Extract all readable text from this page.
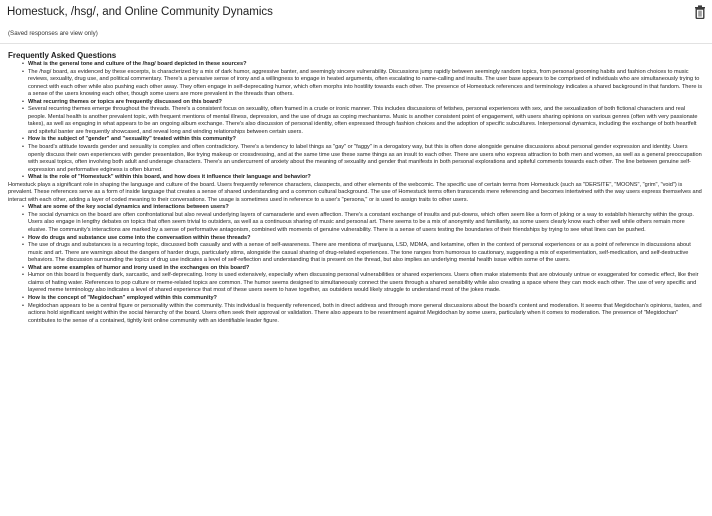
Homestuck, /hsg/, and Online Community Dynamics
(Saved responses are view only)
Frequently Asked Questions
• What is the general tone and culture of the /hsg/ board depicted in these sources?
• The /hsg/ board, as evidenced by these excerpts, is characterized by a mix of dark humor, aggressive banter, and seemingly sincere vulnerability. Discussions jump rapidly between seemingly random topics, from personal grooming habits and fashion choices to music reviews, sexuality, drug use, and political commentary. There's a pervasive sense of irony and a willingness to engage in heated arguments, often escalating to name-calling and insults. The user base appears to be comprised of individuals who are simultaneously trying to connect with each other while also pushing each other away. They often engage in self-deprecating humor, which often morphs into hostility towards each other. The presence of Homestuck references and terminology indicates a shared background in that fandom. There is a sense of the users knowing each other, though some users are more prevalent in the threads than others.
• What recurring themes or topics are frequently discussed on this board?
• Several recurring themes emerge throughout the threads. There's a consistent focus on sexuality, often framed in a crude or ironic manner. This includes discussions of fetishes, personal experiences with sex, and the sexualization of both fictional characters and real people. Mental health is another prevalent topic, with frequent mentions of mental illness, depression, and the use of drugs as coping mechanisms. Music is another consistent point of engagement, with users sharing opinions on various genres (often with very passionate takes), as well as engaging in what appears to be an ongoing album exchange. There's also discussion of personal identity, often expressed through fashion choices and the adoption of specific subcultures. Interpersonal dynamics, including the exchange of both heartfelt and spiteful banter are frequently showcased, and reveal long and winding relationships between certain users.
• How is the subject of "gender" and "sexuality" treated within this community?
• The board's attitude towards gender and sexuality is complex and often contradictory. There's a tendency to label things as "gay" or "faggy" in a derogatory way, but this is often done alongside genuine discussions about personal gender expression and identity. Users openly discuss their own experiences with gender presentation, like trying makeup or crossdressing, and at the same time use these same things as an insult to each other. There are users who express attraction to both men and women, as well as a general preoccupation with sexual topics, often involving both adult and underage characters. There's an undercurrent of anxiety about the meaning of sexuality and gender that manifests in both personal explorations and spiteful comments towards each other. The line between genuine self-expression and performative edginess is often blurred.
• What is the role of "Homestuck" within this board, and how does it influence their language and behavior?
Homestuck plays a significant role in shaping the language and culture of the board. Users frequently reference characters, classpects, and other elements of the webcomic. The specific use of certain terms from Homestuck (such as "DERSITE", "MOONS", "grim", "void") is prevalent. These references serve as a form of inside language that creates a sense of shared understanding and a common cultural background. The use of Homestuck terms often transcends mere referencing and becomes intertwined with the way users express themselves and interact with each other, adding a layer of coded meaning to their conversations. The usage is sometimes used in reference to a user's "persona," or is used to assign traits to other users.
• What are some of the key social dynamics and interactions between users?
• The social dynamics on the board are often confrontational but also reveal underlying layers of camaraderie and even affection. There's a constant exchange of insults and put-downs, which often seem like a form of joking or a way to establish hierarchy within the group. Users also engage in lengthy debates on topics that often seem trivial to outsiders, as well as a continuous sharing of music and personal art. There seems to be a mix of anonymity and familiarity, as some users clearly know each other well while others remain more elusive. The community's interactions are marked by a sense of performative antagonism, combined with moments of genuine vulnerability. There is a sense of users testing the boundaries of their friendships by trying to see what lines can be pushed.
• How do drugs and substance use come into the conversation within these threads?
• The use of drugs and substances is a recurring topic, discussed both casually and with a sense of self-awareness. There are mentions of marijuana, LSD, MDMA, and ketamine, often in the context of personal experiences or as a point of reference in discussions about music and art. There are warnings about the dangers of harder drugs, particularly stims, alongside the casual sharing of drug-related experiences. The tone ranges from humorous to cautionary, suggesting a mix of experimentation, self-medication, and self-destructive behaviors. The discussion surrounding the topics of drug use indicates a level of self-reflection and understanding that is present on the thread, but also implies an underlying mental health issue within some of the users.
• What are some examples of humor and irony used in the exchanges on this board?
• Humor on this board is frequently dark, sarcastic, and self-deprecating. Irony is used extensively, especially when discussing personal vulnerabilities or shared experiences. Users often make statements that are obviously untrue or exaggerated for comedic effect, like their claims of hating water. References to pop culture or meme-related topics are common. The humor seems designed to simultaneously connect the users through a shared sensibility while also creating a space where they can mock each other. The use of very specific and layered meme terminology also indicates a level of shared experience that most of these users seem to have together, as outsiders would likely struggle to understand most of the jokes made.
• How is the concept of "Megidochan" employed within this community?
• Megidochan appears to be a central figure or personality within the community. This individual is frequently referenced, both in direct address and through more general discussions about the board's content and moderation. It seems that Megidochan's opinions, tastes, and actions hold significant weight within the social hierarchy of the board. Users often seek their approval or validation. There also appears to be resentment against Megidochan by some users, particularly when it comes to moderation. The presence of "Megidochan" contributes to the sense of a contained, tightly knit online community with an identifiable leader figure.
